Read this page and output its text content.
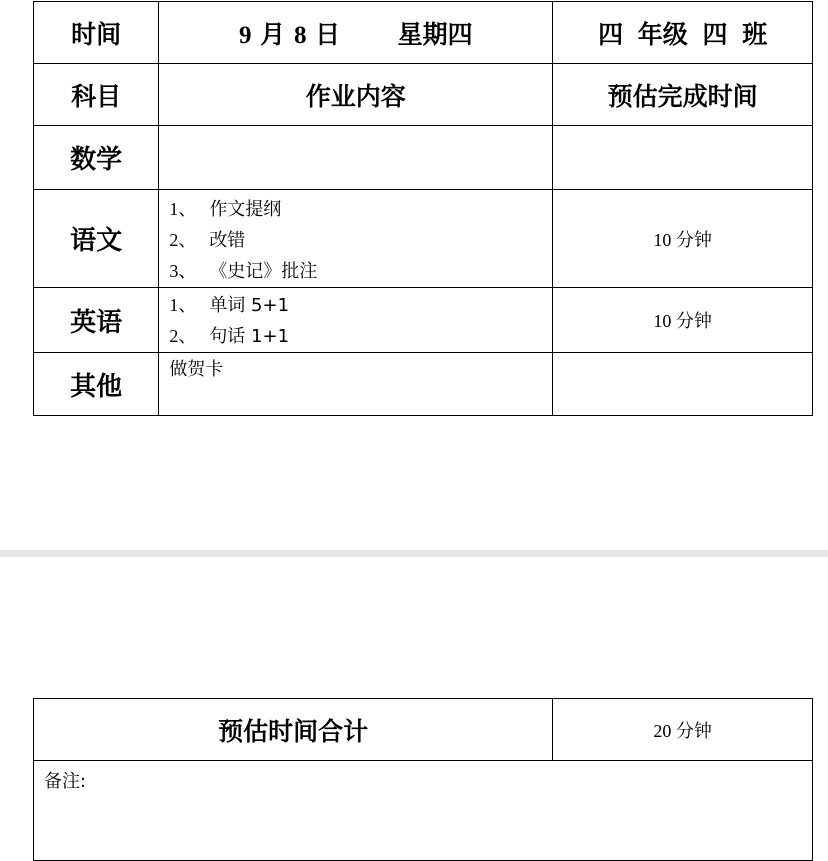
时间	9 月 8 日 星期四	四 年级 四 班
科目	作业内容	预估完成时间
数学		
语文	1、 作文提纲
2、 改错
3、 《史记》批注	10 分钟
英语	1、 单词 5+1
2、 句话 1+1	10 分钟
其他	做贺卡	

预估时间合计	20 分钟
备注:
